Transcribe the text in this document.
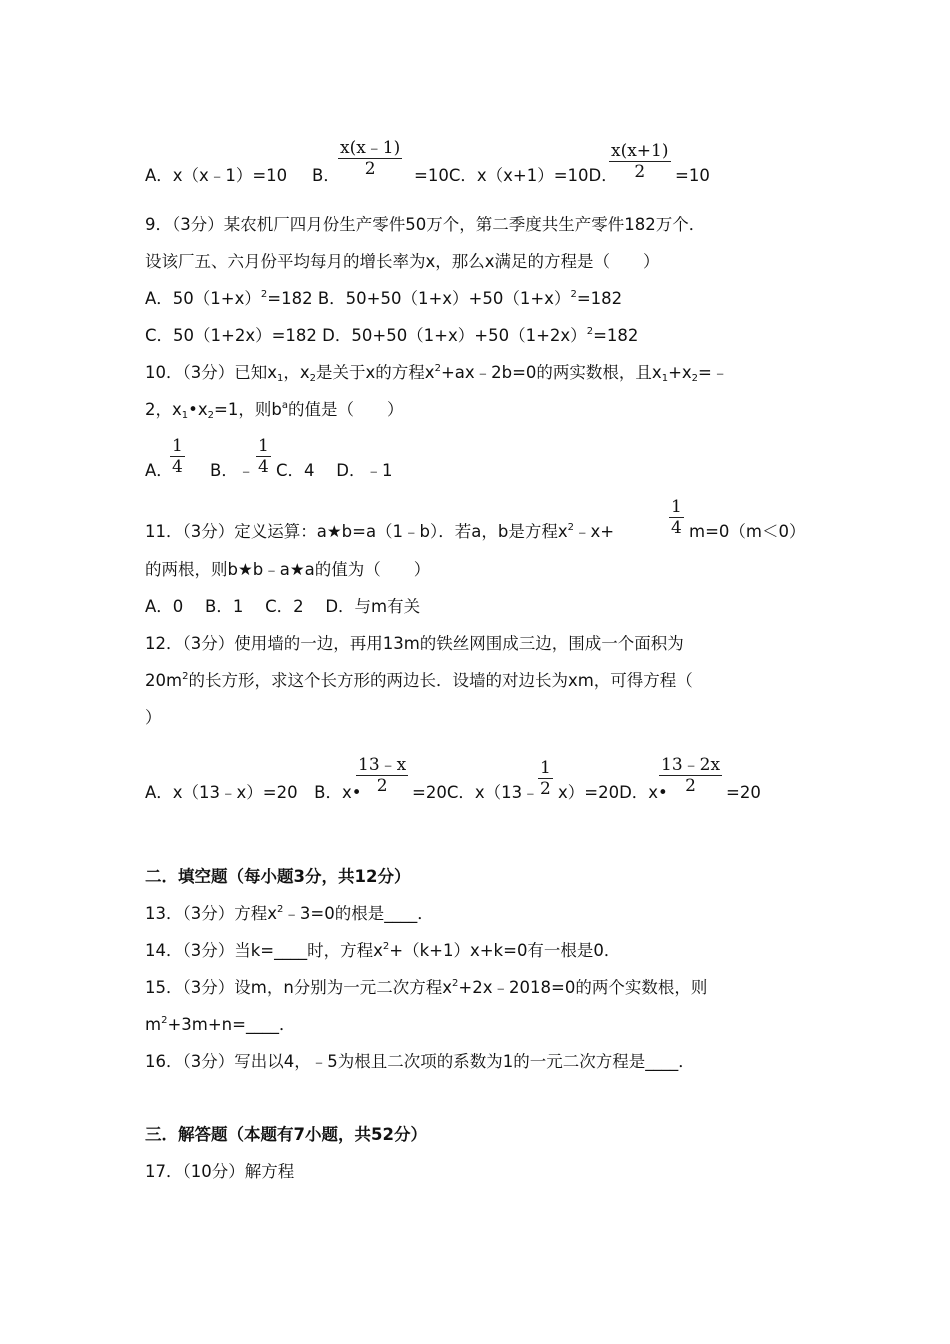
A．x（x﹣1）=10 B．
$\frac{x(x﹣1)}{2} =10C$．x（x+1）=10D．
$\frac{x(x+1)}{2} =10$
9．（3分）某农机厂四月份生产零件50万个，第二季度共生产零件182万个．
设该厂五、六月份平均每月的增长率为x，那么x满足的方程是（　　）
A．$50(1+x)^2=182$ B．$50+50(1+x)+50(1+x)^2=182$
C．50（1+2x）=182 D．$50+50(1+x)+50(1+2x)^2=182$
10．（3分）已知$x_1$，$x_2$是关于x的方程$x^2+ax﹣2b=0$的两实数根，且$x_1+x_2=﹣$
2，$x_1•x_2=1$，则$b^a$的值是（　　）
A．
$\frac{1}{4}$ B．﹣ $\frac{1}{4}$ C．4　 D．﹣1
11．（3分）定义运算：a★b=a（1﹣b）．若a，b是方程$x^2﹣x+$	$\frac{1}{4} m=0(m<0)$
的两根，则b★b﹣a★a的值为（　　）
A．0　 B．1　 C．2　 D．与m有关
12．（3分）使用墙的一边，再用13m的铁丝网围成三边，围成一个面积为
$20m^2$的长方形，求这个长方形的两边长．设墙的对边长为xm，可得方程（
）
A．x（13﹣x）=20　B．x•
$\frac{13﹣x}{2} =20C$．x（13﹣ $\frac{1}{2} x)=20D$．x•
$\frac{13﹣2x}{2} =20$
二．填空题（每小题3分，共12分）
13．（3分）方程$x^2﹣3=0$的根是____．
14．（3分）当k=____时，方程$x^2+(k+1)x+k=0$有一根是0．
15．（3分）设m，n分别为一元二次方程$x^2+2x﹣2018=0$的两个实数根，则
$m^2+3m+n=\_\_\_\_$．
16．（3分）写出以4，﹣5为根且二次项的系数为1的一元二次方程是____．
三．解答题（本题有7小题，共52分）
17．（10分）解方程
